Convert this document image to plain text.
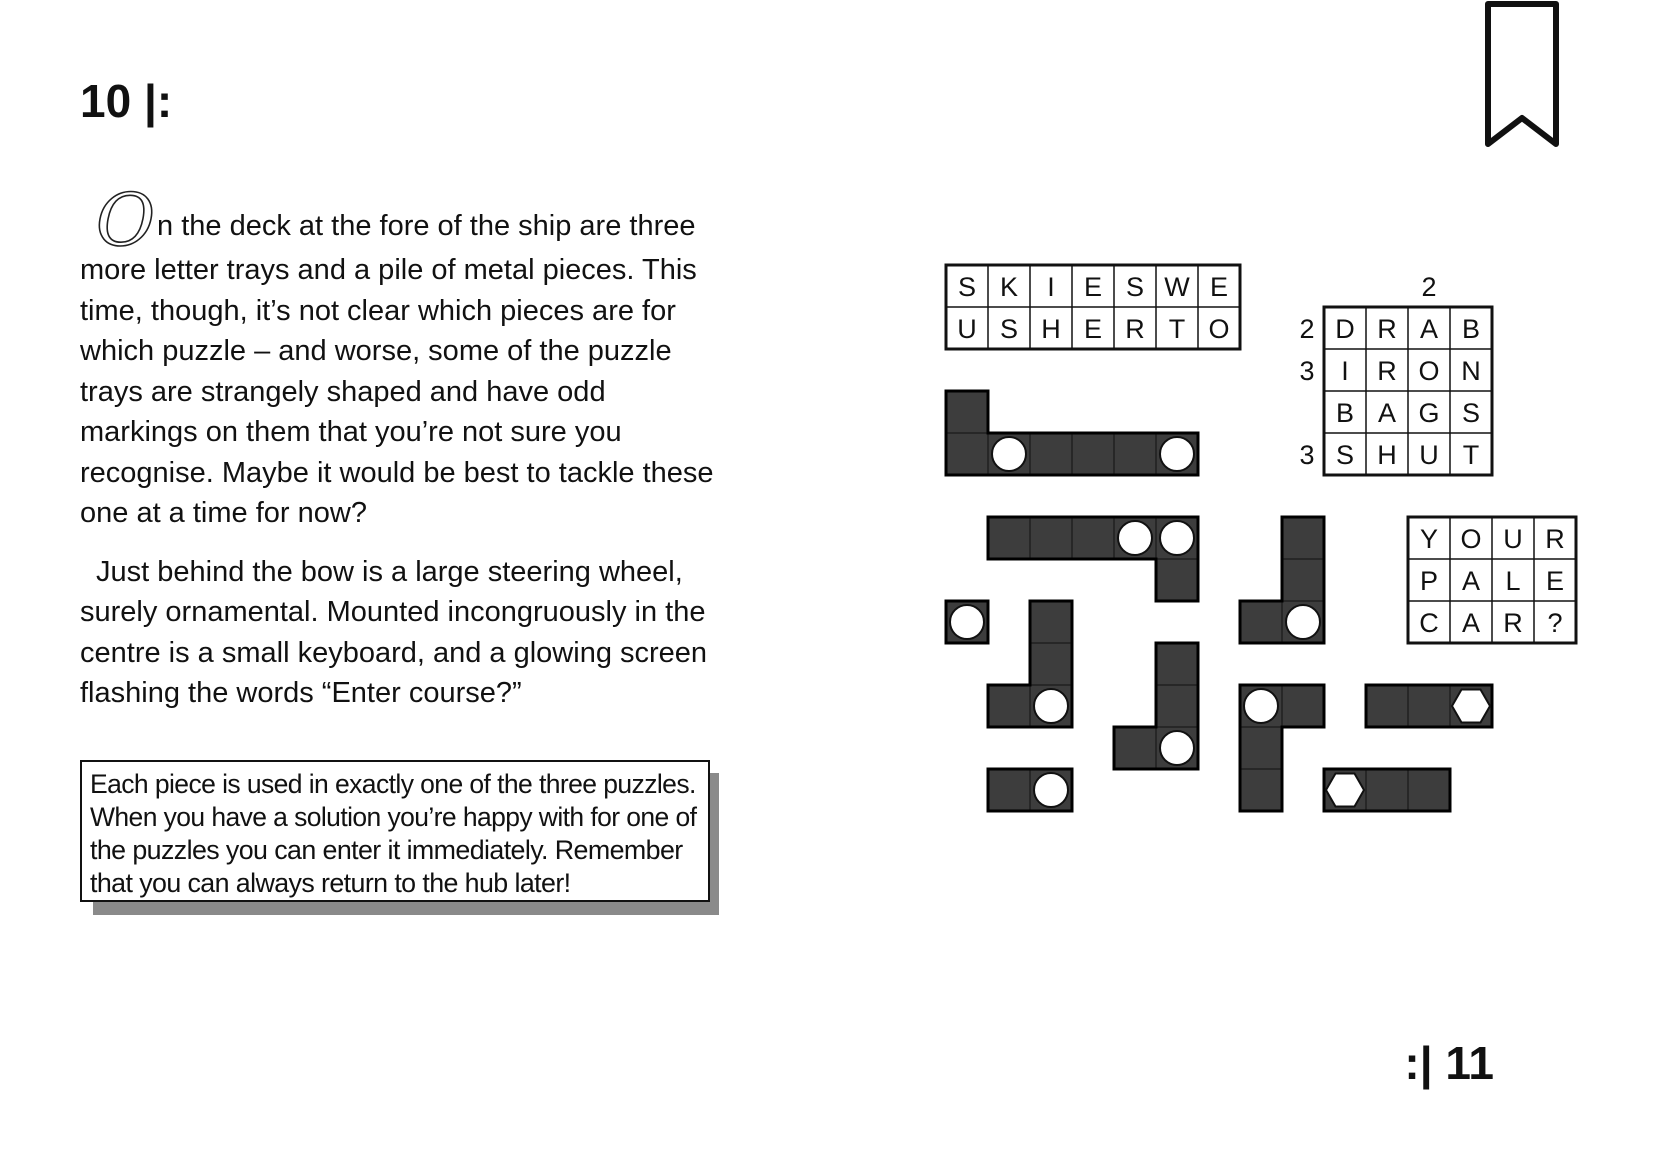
10 |:

On the deck at the fore of the ship are three more letter trays and a pile of metal pieces. This time, though, it’s not clear which pieces are for which puzzle – and worse, some of the puzzle trays are strangely shaped and have odd markings on them that you’re not sure you recognise. Maybe it would be best to tackle these one at a time for now?

Just behind the bow is a large steering wheel, surely ornamental. Mounted incongruously in the centre is a small keyboard, and a glowing screen flashing the words “Enter course?”

Each piece is used in exactly one of the three puzzles.
When you have a solution you’re happy with for one of
the puzzles you can enter it immediately. Remember
that you can always return to the hub later!
S K I E S W E
U S H E R T O	D R A B
I R O N
B A G S
S H U T
2
2
3
3
Y O U R
P A L E
C A R ?
:| 11
